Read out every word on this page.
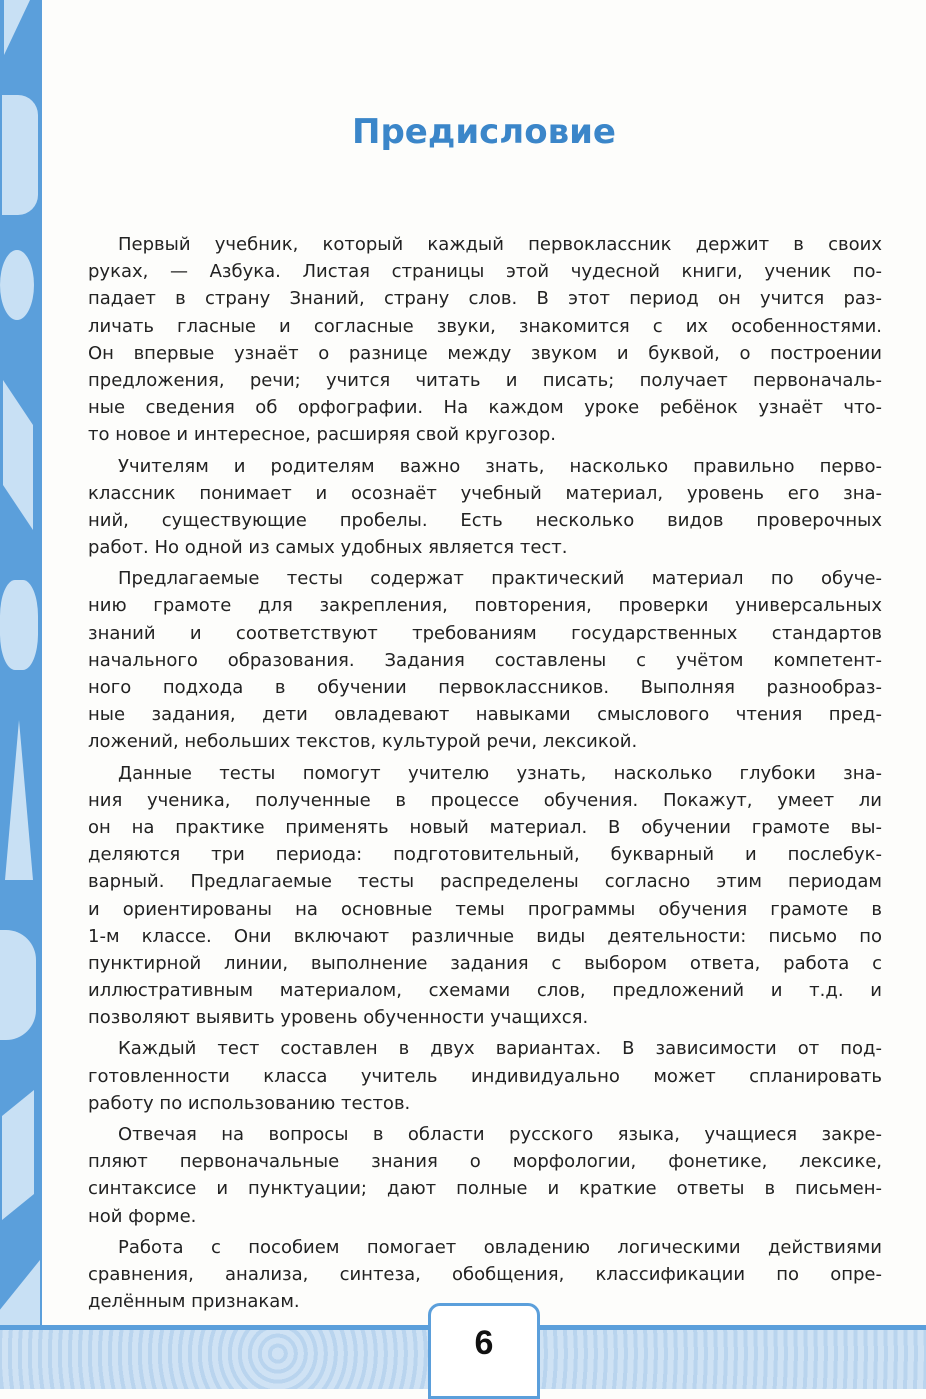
6
Предисловие
Первый учебник, который каждый первоклассник держит в своих
руках, — Азбука. Листая страницы этой чудесной книги, ученик по-
падает в страну Знаний, страну слов. В этот период он учится раз-
личать гласные и согласные звуки, знакомится с их особенностями.
Он впервые узнаёт о разнице между звуком и буквой, о построении
предложения, речи; учится читать и писать; получает первоначаль-
ные сведения об орфографии. На каждом уроке ребёнок узнаёт что-
то новое и интересное, расширяя свой кругозор.
Учителям и родителям важно знать, насколько правильно перво-
классник понимает и осознаёт учебный материал, уровень его зна-
ний, существующие пробелы. Есть несколько видов проверочных
работ. Но одной из самых удобных является тест.
Предлагаемые тесты содержат практический материал по обуче-
нию грамоте для закрепления, повторения, проверки универсальных
знаний и соответствуют требованиям государственных стандартов
начального образования. Задания составлены с учётом компетент-
ного подхода в обучении первоклассников. Выполняя разнообраз-
ные задания, дети овладевают навыками смыслового чтения пред-
ложений, небольших текстов, культурой речи, лексикой.
Данные тесты помогут учителю узнать, насколько глубоки зна-
ния ученика, полученные в процессе обучения. Покажут, умеет ли
он на практике применять новый материал. В обучении грамоте вы-
деляются три периода: подготовительный, букварный и послебук-
варный. Предлагаемые тесты распределены согласно этим периодам
и ориентированы на основные темы программы обучения грамоте в
1-м классе. Они включают различные виды деятельности: письмо по
пунктирной линии, выполнение задания с выбором ответа, работа с
иллюстративным материалом, схемами слов, предложений и т.д. и
позволяют выявить уровень обученности учащихся.
Каждый тест составлен в двух вариантах. В зависимости от под-
готовленности класса учитель индивидуально может спланировать
работу по использованию тестов.
Отвечая на вопросы в области русского языка, учащиеся закре-
пляют первоначальные знания о морфологии, фонетике, лексике,
синтаксисе и пунктуации; дают полные и краткие ответы в письмен-
ной форме.
Работа с пособием помогает овладению логическими действиями
сравнения, анализа, синтеза, обобщения, классификации по опре-
делённым признакам.
